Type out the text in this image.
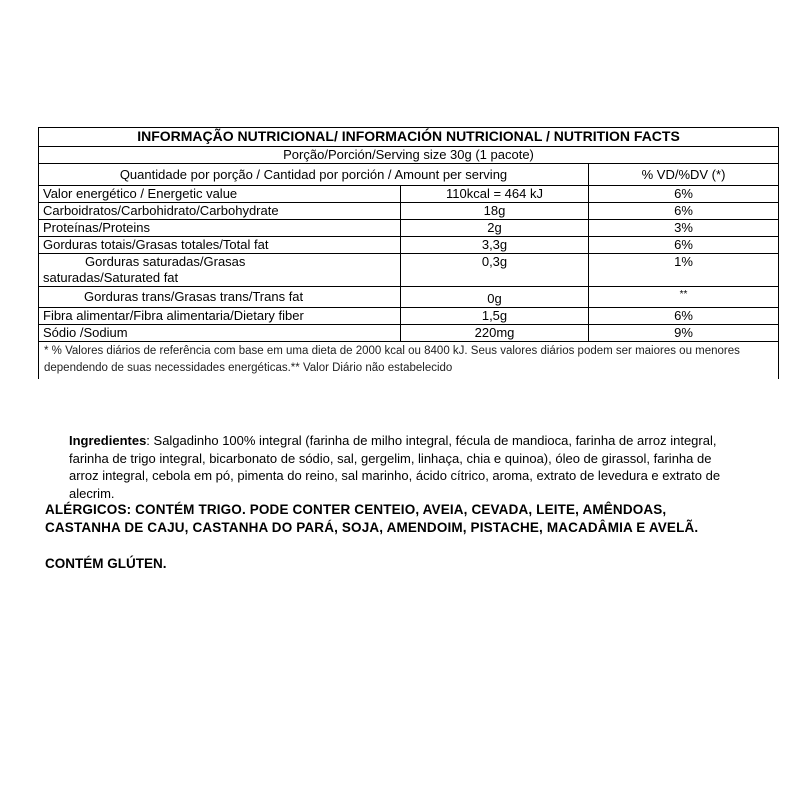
INFORMAÇÃO NUTRICIONAL/ INFORMACIÓN NUTRICIONAL / NUTRITION FACTS		
Porção/Porción/Serving size 30g (1 pacote)		
Quantidade por porção / Cantidad por porción / Amount per serving		% VD/%DV (*)
Valor energético / Energetic value	110kcal = 464 kJ	6%
Carboidratos/Carbohidrato/Carbohydrate	18g	6%
Proteínas/Proteins	2g	3%
Gorduras totais/Grasas totales/Total fat	3,3g	6%

Gorduras saturadas/Grasas
saturadas/Saturated fat	0,3g	1%
Gorduras trans/Grasas trans/Trans fat	0g	**
Fibra alimentar/Fibra alimentaria/Dietary fiber	1,5g	6%
Sódio /Sodium	220mg	9%
* % Valores diários de referência com base em uma dieta de 2000 kcal ou 8400 kJ. Seus valores diários podem ser maiores ou menores dependendo de suas necessidades energéticas.** Valor Diário não estabelecido		
Ingredientes: Salgadinho 100% integral (farinha de milho integral, fécula de mandioca, farinha de arroz integral, farinha de trigo integral, bicarbonato de sódio, sal, gergelim, linhaça, chia e quinoa), óleo de girassol, farinha de arroz integral, cebola em pó, pimenta do reino, sal marinho, ácido cítrico, aroma, extrato de levedura e extrato de alecrim.
ALÉRGICOS: CONTÉM TRIGO. PODE CONTER CENTEIO, AVEIA, CEVADA, LEITE, AMÊNDOAS, CASTANHA DE CAJU, CASTANHA DO PARÁ, SOJA, AMENDOIM, PISTACHE, MACADÂMIA E AVELÃ.
CONTÉM GLÚTEN.
